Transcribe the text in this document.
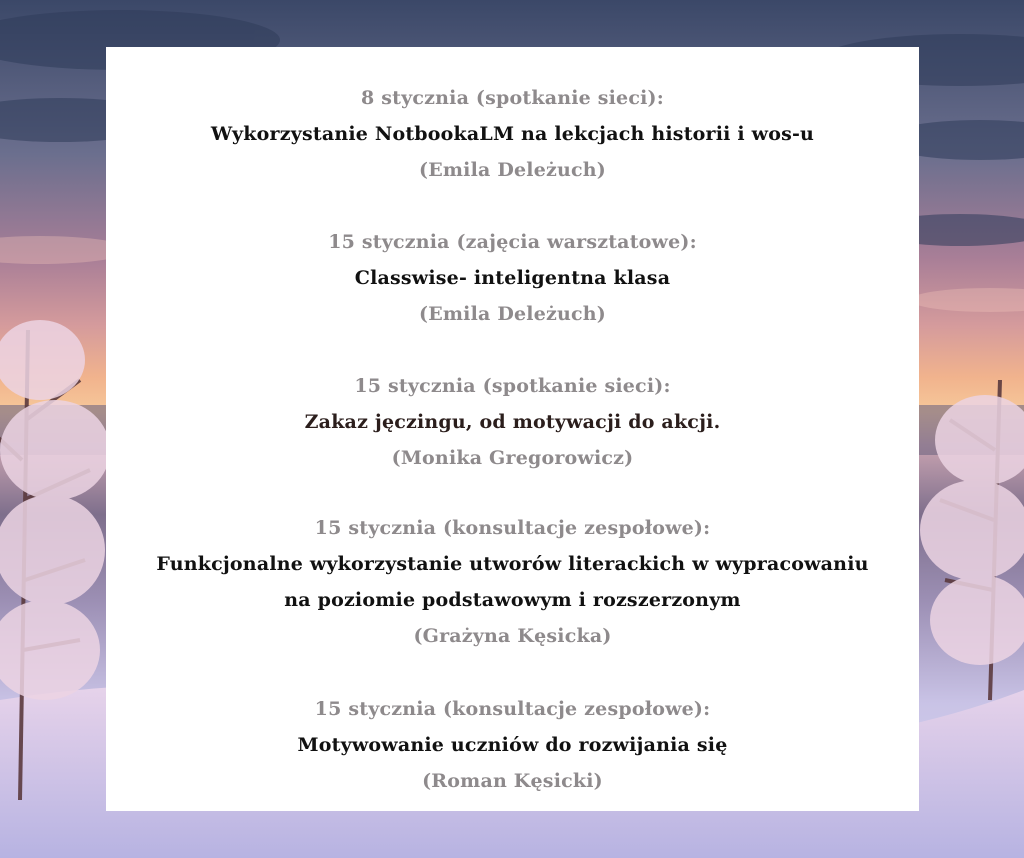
8 stycznia (spotkanie sieci):
Wykorzystanie NotbookaLM na lekcjach historii i wos-u
(Emila Deleżuch)
15 stycznia (zajęcia warsztatowe):
Classwise- inteligentna klasa
(Emila Deleżuch)
15 stycznia (spotkanie sieci):
Zakaz jęczingu, od motywacji do akcji.
(Monika Gregorowicz)
15 stycznia (konsultacje zespołowe):
Funkcjonalne wykorzystanie utworów literackich w wypracowaniu
na poziomie podstawowym i rozszerzonym
(Grażyna Kęsicka)
15 stycznia (konsultacje zespołowe):
Motywowanie uczniów do rozwijania się
(Roman Kęsicki)
